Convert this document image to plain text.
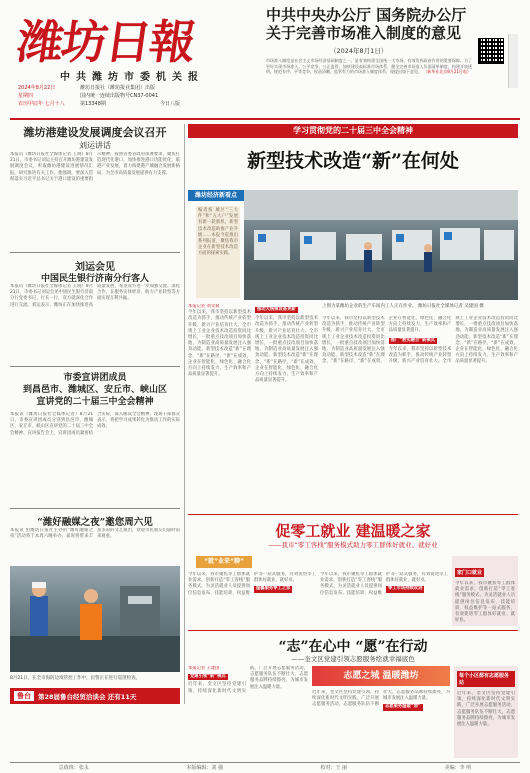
潍坊日報
中共潍坊市委机关报
2024年8月22日
星期四
农历甲辰年 七月十八
潍坊日报社（潍坊报业集团）出版
国内统一连续出版物号CN37-0041
第13348期	今日八版
中共中央办公厅 国务院办公厅
关于完善市场准入制度的意见
（2024年8月1日）
市场准入制度是社会主义市场经济基础制度之一，是有效构建全国统一大市场、有效发挥政府作用的重要保障。为了更好实现市场准入、公平竞争、公正监管，加快建设高标准市场体系，健全完善市场准入负面清单制度，构建开放透明、规范有序、平等竞争、权责清晰、监管有力的市场准入制度体系，现提出如下意见。 （新华社北京8月21日电）
潍坊港建设发展调度会议召开
刘运讲话
本报讯（潍坊日报社全媒体记者 王晓）8月21日，市委书记刘运主持召开潍坊港建设发展调度会议，听取潍坊港建设进展情况汇报，研究推进有关工作。他强调，要深入贯彻落实习近平总书记关于港口建设的重要指示精神，按照省委省政府部署要求，聚焦打造现代化港口，加快推进港口功能优化、临港产业发展，着力构建港产城融合发展新格局，为全市高质量发展提供有力支撑。
刘运会见
中国民生银行济南分行客人
本报讯（潍坊日报社全媒体记者 王晓）8月21日，市委书记刘运会见中国民生银行济南分行党委书记、行长一行，双方就深化合作进行交流。刘运表示，潍坊正在加快推进高质量发展，希望双方进一步加强交流、深化合作，在服务实体经济、助力产业转型等方面实现互利共赢。
市委宣讲团成员
到昌邑市、潍城区、安丘市、峡山区
宣讲党的二十届三中全会精神
本报讯（潍坊日报社全媒体记者）8月21日，市委宣讲团成员分别到昌邑市、潍城区、安丘市、峡山区宣讲党的二十届三中全会精神。宣讲报告会上，宣讲团成员紧密结合实际，深入解读全会精神，现场干部群众表示，将把学习成果转化为推动工作的实际成效。
“潍好融媒之夜”邀您周六见
本报讯 由潍坊日报社主办的“潍好融媒之夜”活动将于本周六晚举办，届时将带来丰富多彩的文艺演出，欢迎市民朋友们届时前来观看。
8月21日，在全市海防边境管控工作中，民警正在进行巡逻检查。
鲁台	第28届鲁台经贸洽谈会 还有11天
学习贯彻党的二十届三中全会精神
新型技术改造“新”在何处
潍坊经济新看点
编者按 城区“三大件”和“五大户”发展有新一轮新机，新型技术改造助推产业升级……本报今起推出系列报道，聚焦我市企业在新型技术改造方面的探索实践。
本报记者 刘文斌
今年以来，我市坚持以新型技术改造为抓手，推动传统产业转型升级，新兴产业培育壮大。全市规上工业企业技术改造投资同比增长，一批重点技改项目加快落地，为制造业高质量发展注入强劲动能。新型技术改造“新”在理念、“新”在路径、“新”在成效，企业在智能化、绿色化、融合化方向上持续发力，生产效率和产品质量显著提升。
推动大规模设备更新
今年以来，我市坚持以新型技术改造为抓手，推动传统产业转型升级，新兴产业培育壮大。全市规上工业企业技术改造投资同比增长，一批重点技改项目加快落地，为制造业高质量发展注入强劲动能。新型技术改造“新”在理念、“新”在路径、“新”在成效，企业在智能化、绿色化、融合化方向上持续发力，生产效率和产品质量显著提升。
上图为某潍坊企业的生产车间内工人正在作业。 潍坊日报社全媒体记者 吴建国 摄
今年以来，我市坚持以新型技术改造为抓手，推动传统产业转型升级，新兴产业培育壮大。全市规上工业企业技术改造投资同比增长，一批重点技改项目加快落地，为制造业高质量发展注入强劲动能。新型技术改造“新”在理念、“新”在路径、“新”在成效，企业在智能化、绿色化、融合化方向上持续发力，生产效率和产品质量显著提升。
推广“数实融合”新模式
今年以来，我市坚持以新型技术改造为抓手，推动传统产业转型升级，新兴产业培育壮大。全市规上工业企业技术改造投资同比增长，一批重点技改项目加快落地，为制造业高质量发展注入强劲动能。新型技术改造“新”在理念、“新”在路径、“新”在成效，企业在智能化、绿色化、融合化方向上持续发力，生产效率和产品质量显著提升。
促零工就业 建温暖之家
——我市“零工客栈”服务模式助力零工群体好就业、就好业
“就”业来“聊”
今年以来，我市聚焦零工群体就业需求，创新打造“零工客栈”服务模式，为灵活就业人员提供岗位信息发布、技能培训、权益维护等一站式服务，有效促进零工群体好就业、就好业。
温馨服务零工之家
今年以来，我市聚焦零工群体就业需求，创新打造“零工客栈”服务模式，为灵活就业人员提供岗位信息发布、技能培训、权益维护等一站式服务，有效促进零工群体好就业、就好业。
零工市场持续改进
家门口就业
今年以来，我市聚焦零工群体就业需求，创新打造“零工客栈”服务模式，为灵活就业人员提供岗位信息发布、技能培训、权益维护等一站式服务，有效促进零工群体好就业、就好业。
“志”在心中 “愿”在行动
——奎文区党建引领志愿服务绘就幸福底色
本报记者 王建国
党建引领“新”模式
近年来，奎文区坚持党建引领，持续深化新时代文明实践，广泛开展志愿服务活动，志愿服务队伍不断壮大，志愿服务品牌持续擦亮，为城市发展注入温暖力量。
志愿之城 温暖潍坊
近年来，奎文区坚持党建引领，持续深化新时代文明实践，广泛开展志愿服务活动，志愿服务队伍不断壮大，志愿服务品牌持续擦亮，为城市发展注入温暖力量。
志愿服务温暖“情”
每个小区都有志愿服务站
近年来，奎文区坚持党建引领，持续深化新时代文明实践，广泛开展志愿服务活动，志愿服务队伍不断壮大，志愿服务品牌持续擦亮，为城市发展注入温暖力量。
总值班：张永	本版编辑：刘 强	校对：王 丽	美编：李 明
